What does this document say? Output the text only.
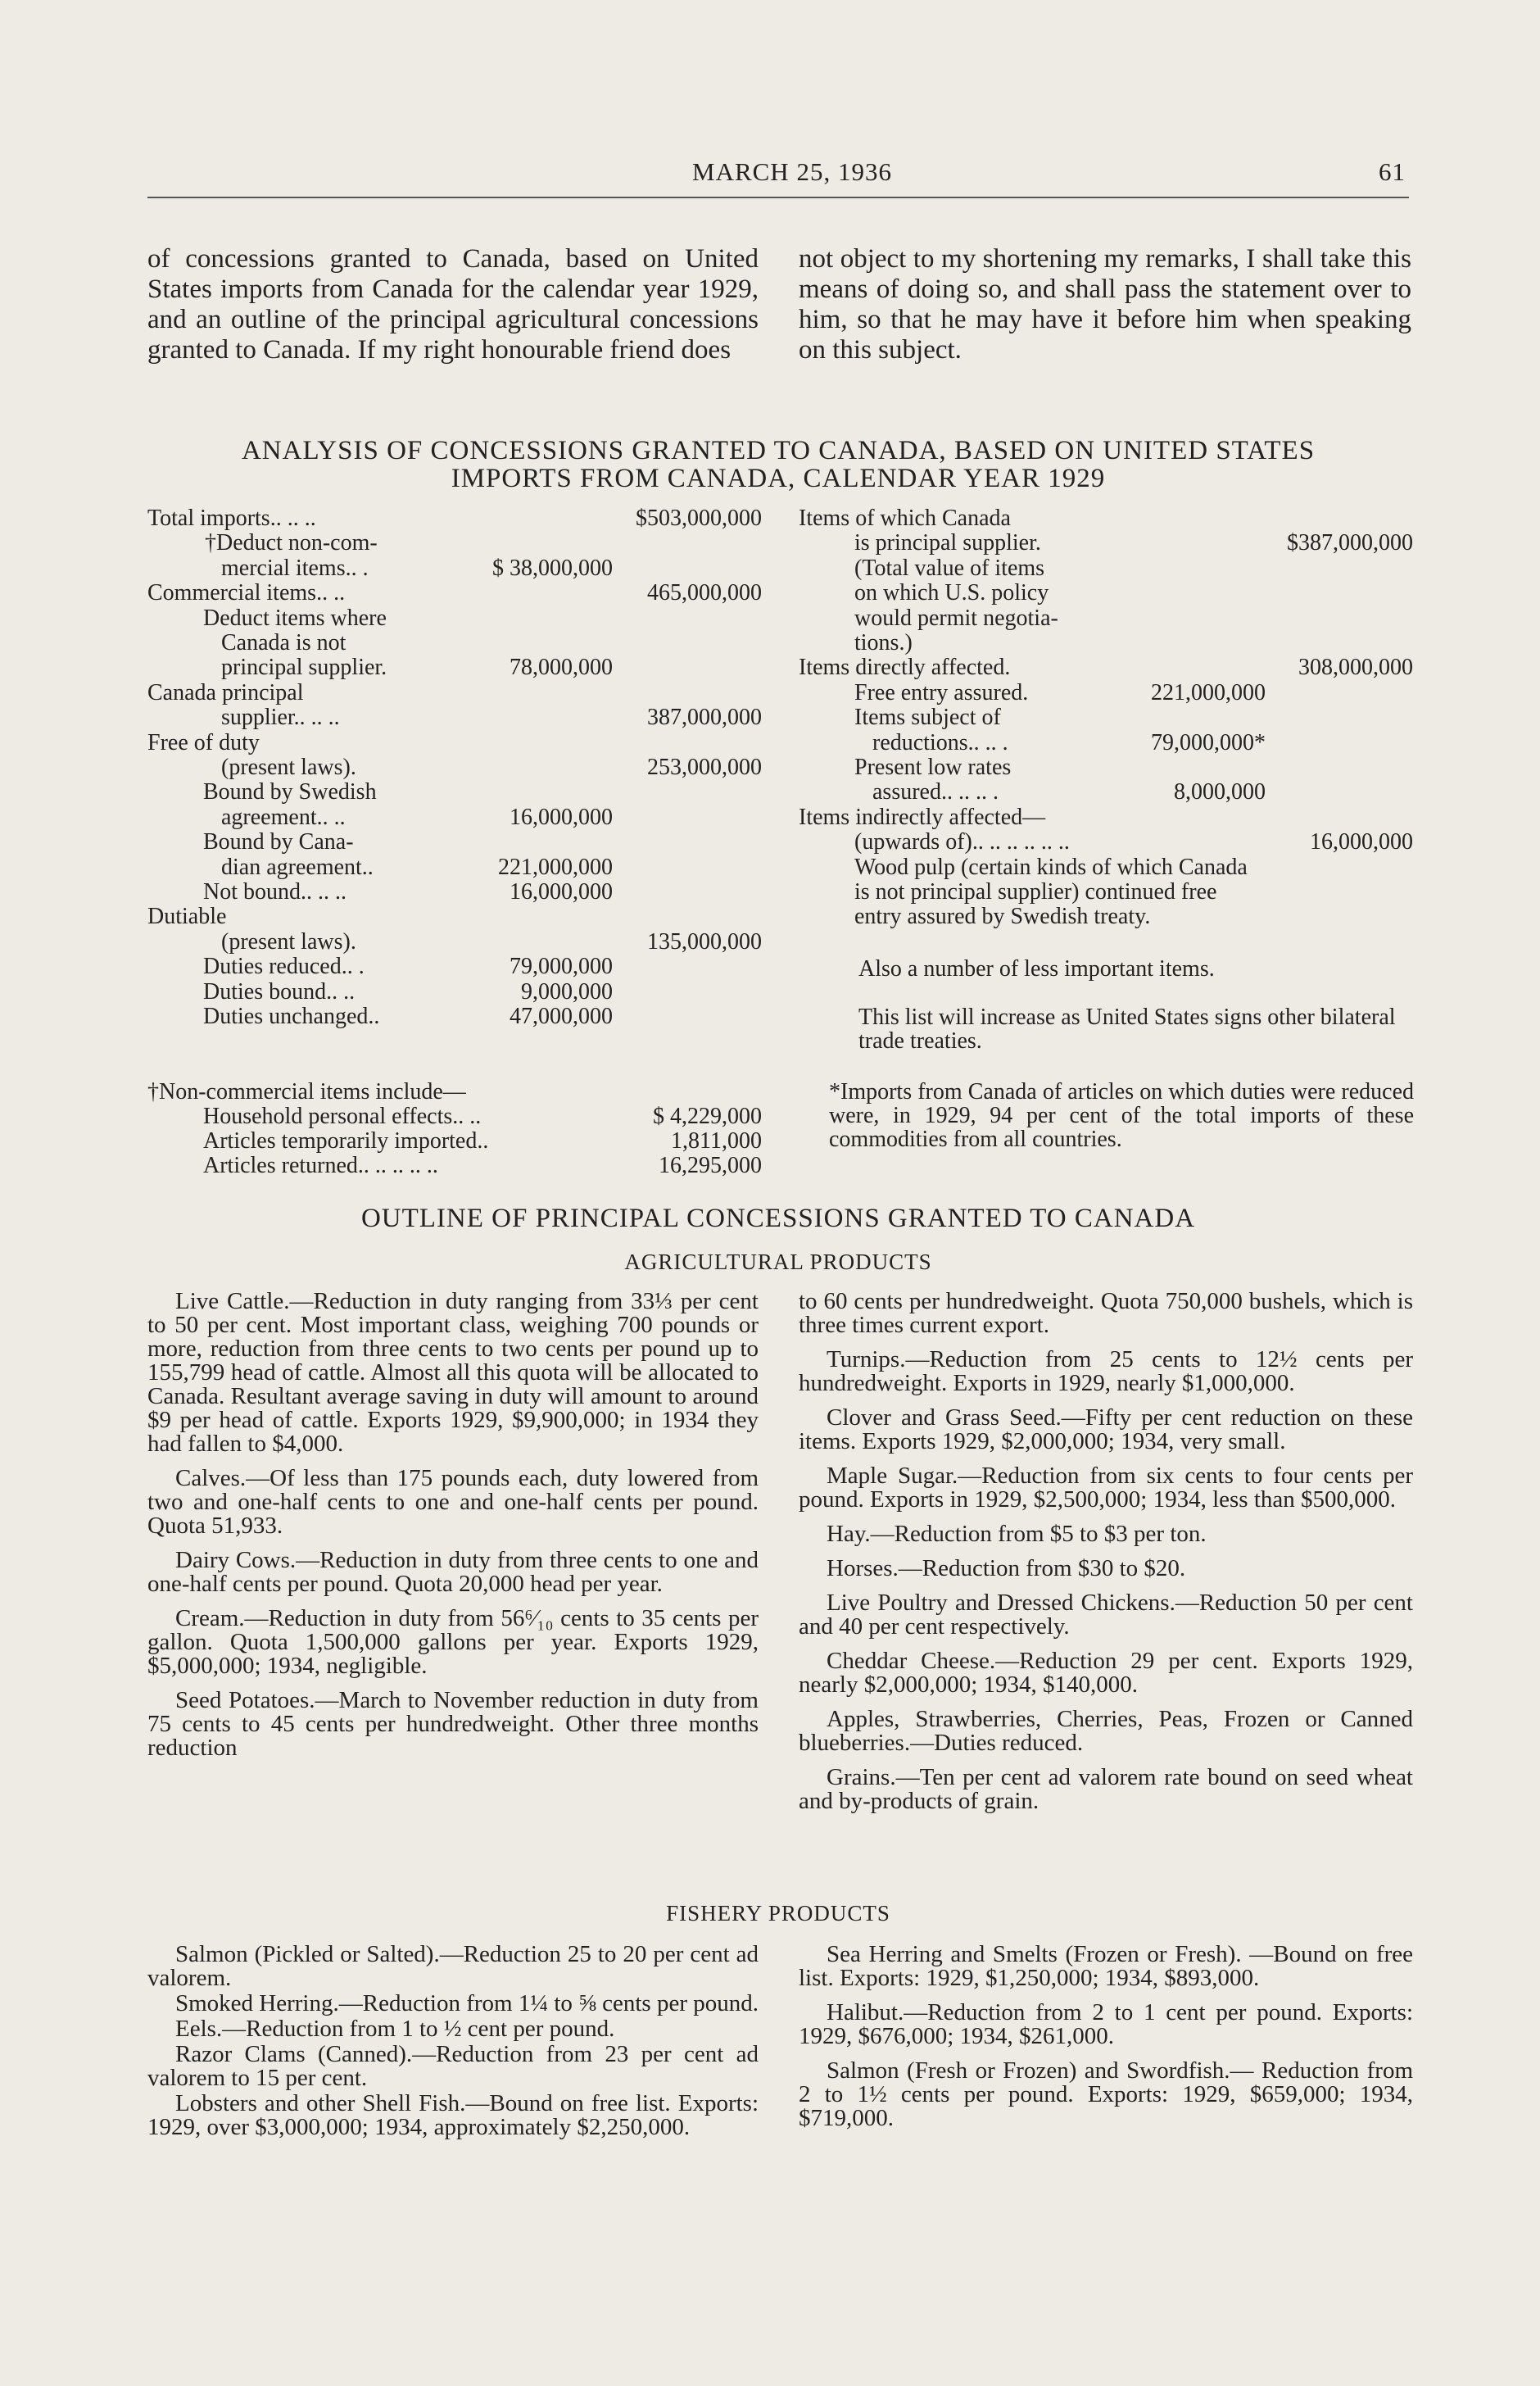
MARCH 25, 1936	61

of concessions granted to Canada, based on United States imports from Canada for the calendar year 1929, and an outline of the principal agricultural concessions granted to Canada. If my right honourable friend does

not object to my shortening my remarks, I shall take this means of doing so, and shall pass the statement over to him, so that he may have it before him when speaking on this subject.

ANALYSIS OF CONCESSIONS GRANTED TO CANADA, BASED ON UNITED STATES
IMPORTS FROM CANADA, CALENDAR YEAR 1929
Total imports.. .. ..	$503,000,000
†Deduct non-com-
mercial items.. .	$ 38,000,000
Commercial items.. ..	465,000,000
Deduct items where
Canada is not
principal supplier.	78,000,000
Canada principal
supplier.. .. ..	387,000,000
Free of duty
(present laws).	253,000,000
Bound by Swedish
agreement.. ..	16,000,000
Bound by Cana-
dian agreement..	221,000,000
Not bound.. .. ..	16,000,000
Dutiable
(present laws).	135,000,000
Duties reduced.. .	79,000,000
Duties bound.. ..	9,000,000
Duties unchanged..	47,000,000
†Non-commercial items include—
Household personal effects.. ..	$ 4,229,000
Articles temporarily imported..	1,811,000
Articles returned.. .. .. .. ..	16,295,000
Items of which Canada
is principal supplier.	$387,000,000
(Total value of items
on which U.S. policy
would permit negotia-
tions.)
Items directly affected.	308,000,000
Free entry assured.	221,000,000
Items subject of
reductions.. .. .	79,000,000*
Present low rates
assured.. .. .. .	8,000,000
Items indirectly affected—
(upwards of).. .. .. .. .. ..	16,000,000
Wood pulp (certain kinds of which Canada
is not principal supplier) continued free
entry assured by Swedish treaty.

Also a number of less important items.

This list will increase as United States signs other bilateral trade treaties.

*Imports from Canada of articles on which duties were reduced were, in 1929, 94 per cent of the total imports of these commodities from all countries.

OUTLINE OF PRINCIPAL CONCESSIONS GRANTED TO CANADA
AGRICULTURAL PRODUCTS

Live Cattle.—Reduction in duty ranging from 33⅓ per cent to 50 per cent. Most important class, weighing 700 pounds or more, reduction from three cents to two cents per pound up to 155,799 head of cattle. Almost all this quota will be allocated to Canada. Resultant average saving in duty will amount to around $9 per head of cattle. Exports 1929, $9,900,000; in 1934 they had fallen to $4,000.

Calves.—Of less than 175 pounds each, duty lowered from two and one-half cents to one and one-half cents per pound. Quota 51,933.

Dairy Cows.—Reduction in duty from three cents to one and one-half cents per pound. Quota 20,000 head per year.

Cream.—Reduction in duty from 56⁶⁄₁₀ cents to 35 cents per gallon. Quota 1,500,000 gallons per year. Exports 1929, $5,000,000; 1934, negligible.

Seed Potatoes.—March to November reduction in duty from 75 cents to 45 cents per hundredweight. Other three months reduction

to 60 cents per hundredweight. Quota 750,000 bushels, which is three times current export.

Turnips.—Reduction from 25 cents to 12½ cents per hundredweight. Exports in 1929, nearly $1,000,000.

Clover and Grass Seed.—Fifty per cent reduction on these items. Exports 1929, $2,000,000; 1934, very small.

Maple Sugar.—Reduction from six cents to four cents per pound. Exports in 1929, $2,500,000; 1934, less than $500,000.

Hay.—Reduction from $5 to $3 per ton.

Horses.—Reduction from $30 to $20.

Live Poultry and Dressed Chickens.—Reduction 50 per cent and 40 per cent respectively.

Cheddar Cheese.—Reduction 29 per cent. Exports 1929, nearly $2,000,000; 1934, $140,000.

Apples, Strawberries, Cherries, Peas, Frozen or Canned blueberries.—Duties reduced.

Grains.—Ten per cent ad valorem rate bound on seed wheat and by-products of grain.

FISHERY PRODUCTS

Salmon (Pickled or Salted).—Reduction 25 to 20 per cent ad valorem.

Smoked Herring.—Reduction from 1¼ to ⅝ cents per pound.

Eels.—Reduction from 1 to ½ cent per pound.

Razor Clams (Canned).—Reduction from 23 per cent ad valorem to 15 per cent.

Lobsters and other Shell Fish.—Bound on free list. Exports: 1929, over $3,000,000; 1934, approximately $2,250,000.

Sea Herring and Smelts (Frozen or Fresh). —Bound on free list. Exports: 1929, $1,250,000; 1934, $893,000.

Halibut.—Reduction from 2 to 1 cent per pound. Exports: 1929, $676,000; 1934, $261,000.

Salmon (Fresh or Frozen) and Swordfish.— Reduction from 2 to 1½ cents per pound. Exports: 1929, $659,000; 1934, $719,000.
